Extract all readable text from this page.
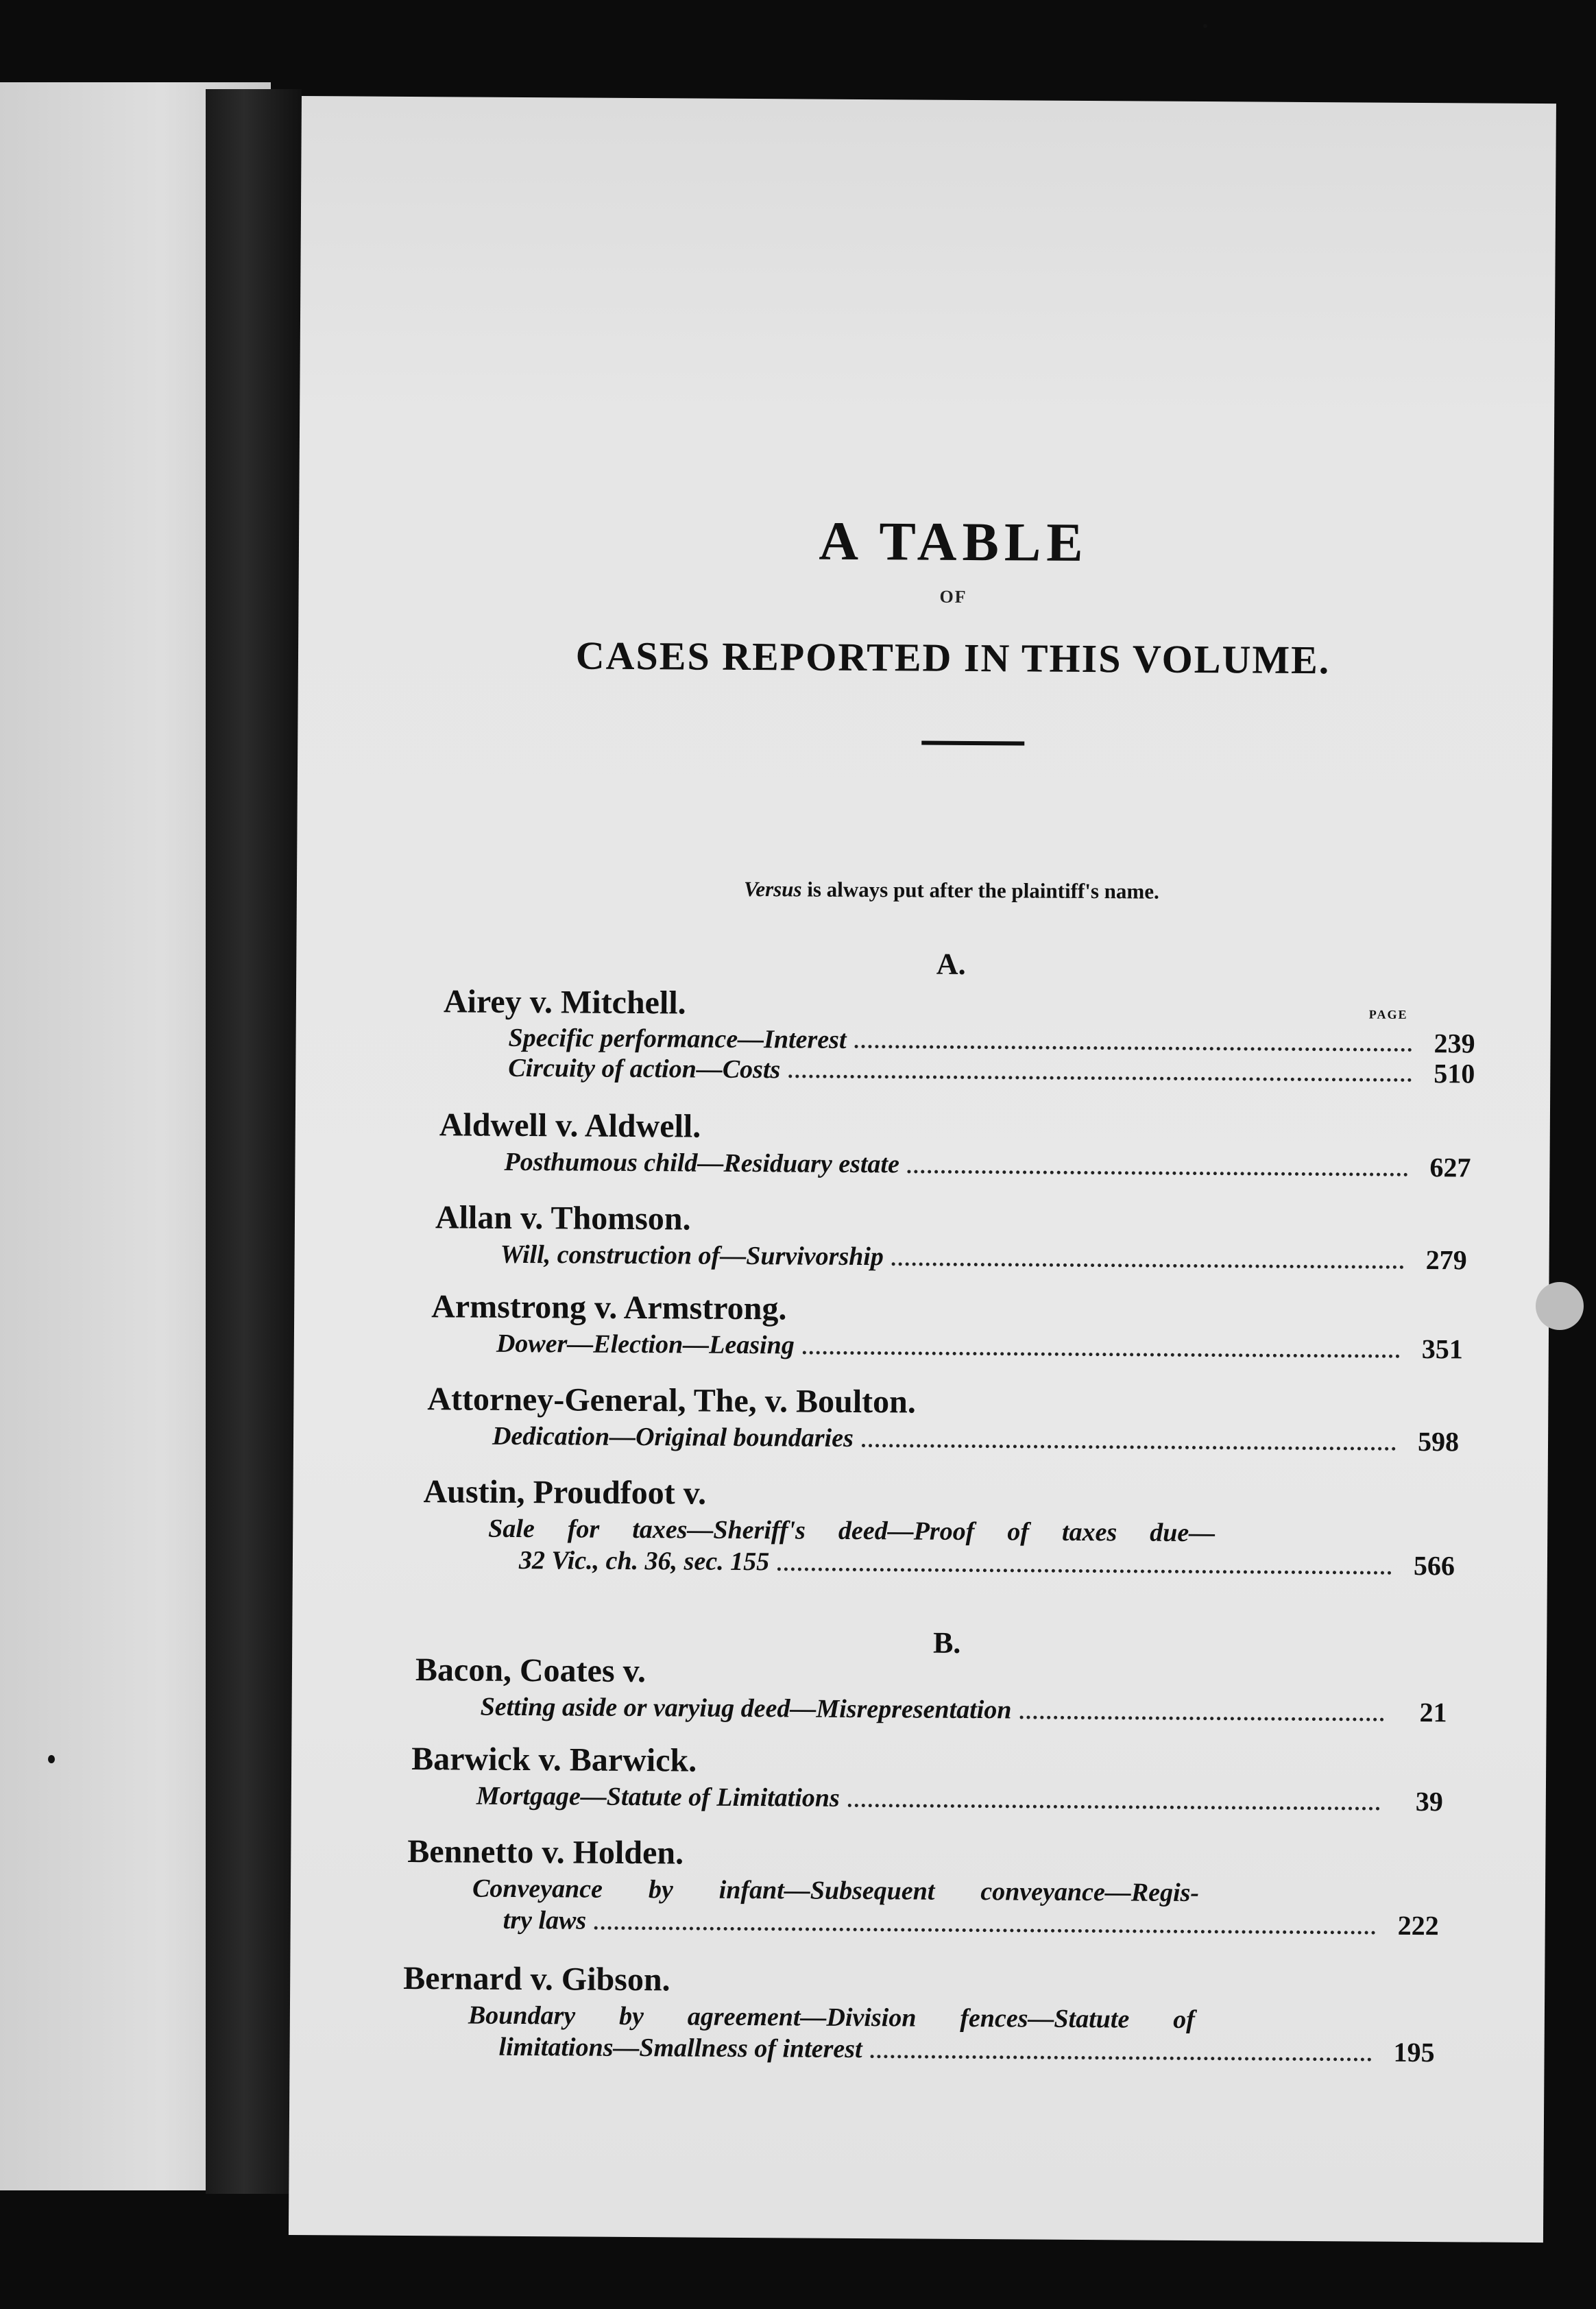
A TABLE
OF
CASES REPORTED IN THIS VOLUME.
Versus is always put after the plaintiff's name.
A.
PAGE
Airey v. Mitchell.
Specific performance—Interest	239
Circuity of action—Costs	510
Aldwell v. Aldwell.
Posthumous child—Residuary estate	627
Allan v. Thomson.
Will, construction of—Survivorship	279
Armstrong v. Armstrong.
Dower—Election—Leasing	351
Attorney-General, The, v. Boulton.
Dedication—Original boundaries	598
Austin, Proudfoot v.
Sale for taxes—Sheriff's deed—Proof of taxes due—
32 Vic., ch. 36, sec. 155	566
B.
Bacon, Coates v.
Setting aside or varyiug deed—Misrepresentation	21
Barwick v. Barwick.
Mortgage—Statute of Limitations	39
Bennetto v. Holden.
Conveyance by infant—Subsequent conveyance—Regis-
try laws	222
Bernard v. Gibson.
Boundary by agreement—Division fences—Statute of
limitations—Smallness of interest	195
